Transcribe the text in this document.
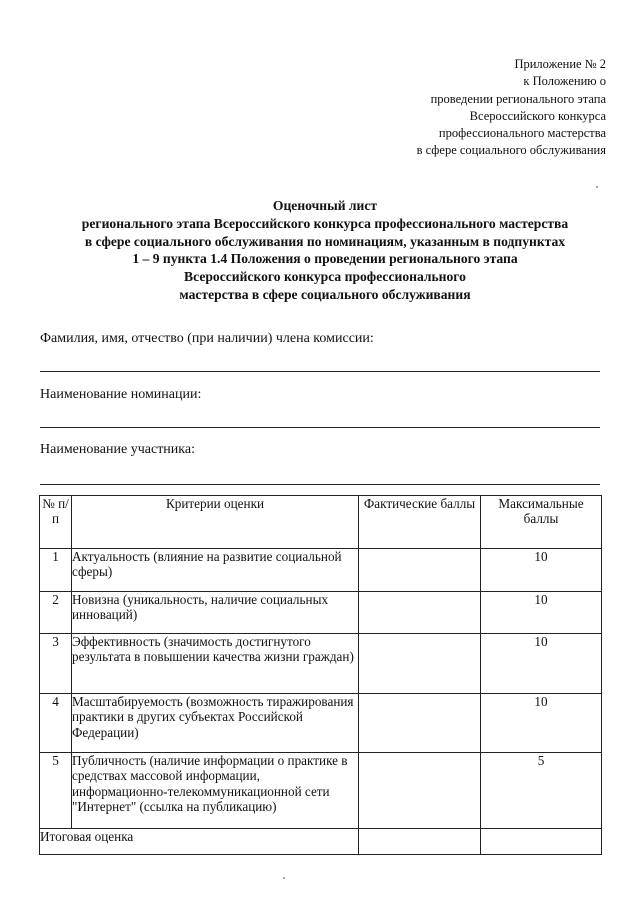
Приложение № 2
к Положению о
проведении регионального этапа
Всероссийского конкурса
профессионального мастерства
в сфере социального обслуживания
Оценочный лист
регионального этапа Всероссийского конкурса профессионального мастерства
в сфере социального обслуживания по номинациям, указанным в подпунктах
1 – 9 пункта 1.4 Положения о проведении регионального этапа
Всероссийского конкурса профессионального
мастерства в сфере социального обслуживания
Фамилия, имя, отчество (при наличии) члена комиссии:
Наименование номинации:
Наименование участника:
№ п/п	Критерии оценки	Фактические баллы	Максимальные баллы
1	Актуальность (влияние на развитие социальной сферы)		10
2	Новизна (уникальность, наличие социальных инноваций)		10
3	Эффективность (значимость достигнутого результата в повышении качества жизни граждан)		10
4	Масштабируемость (возможность тиражирования практики в других субъектах Российской Федерации)		10
5	Публичность (наличие информации о практике в средствах массовой информации, информационно-телекоммуникационной сети "Интернет" (ссылка на публикацию)		5
Итоговая оценка			
